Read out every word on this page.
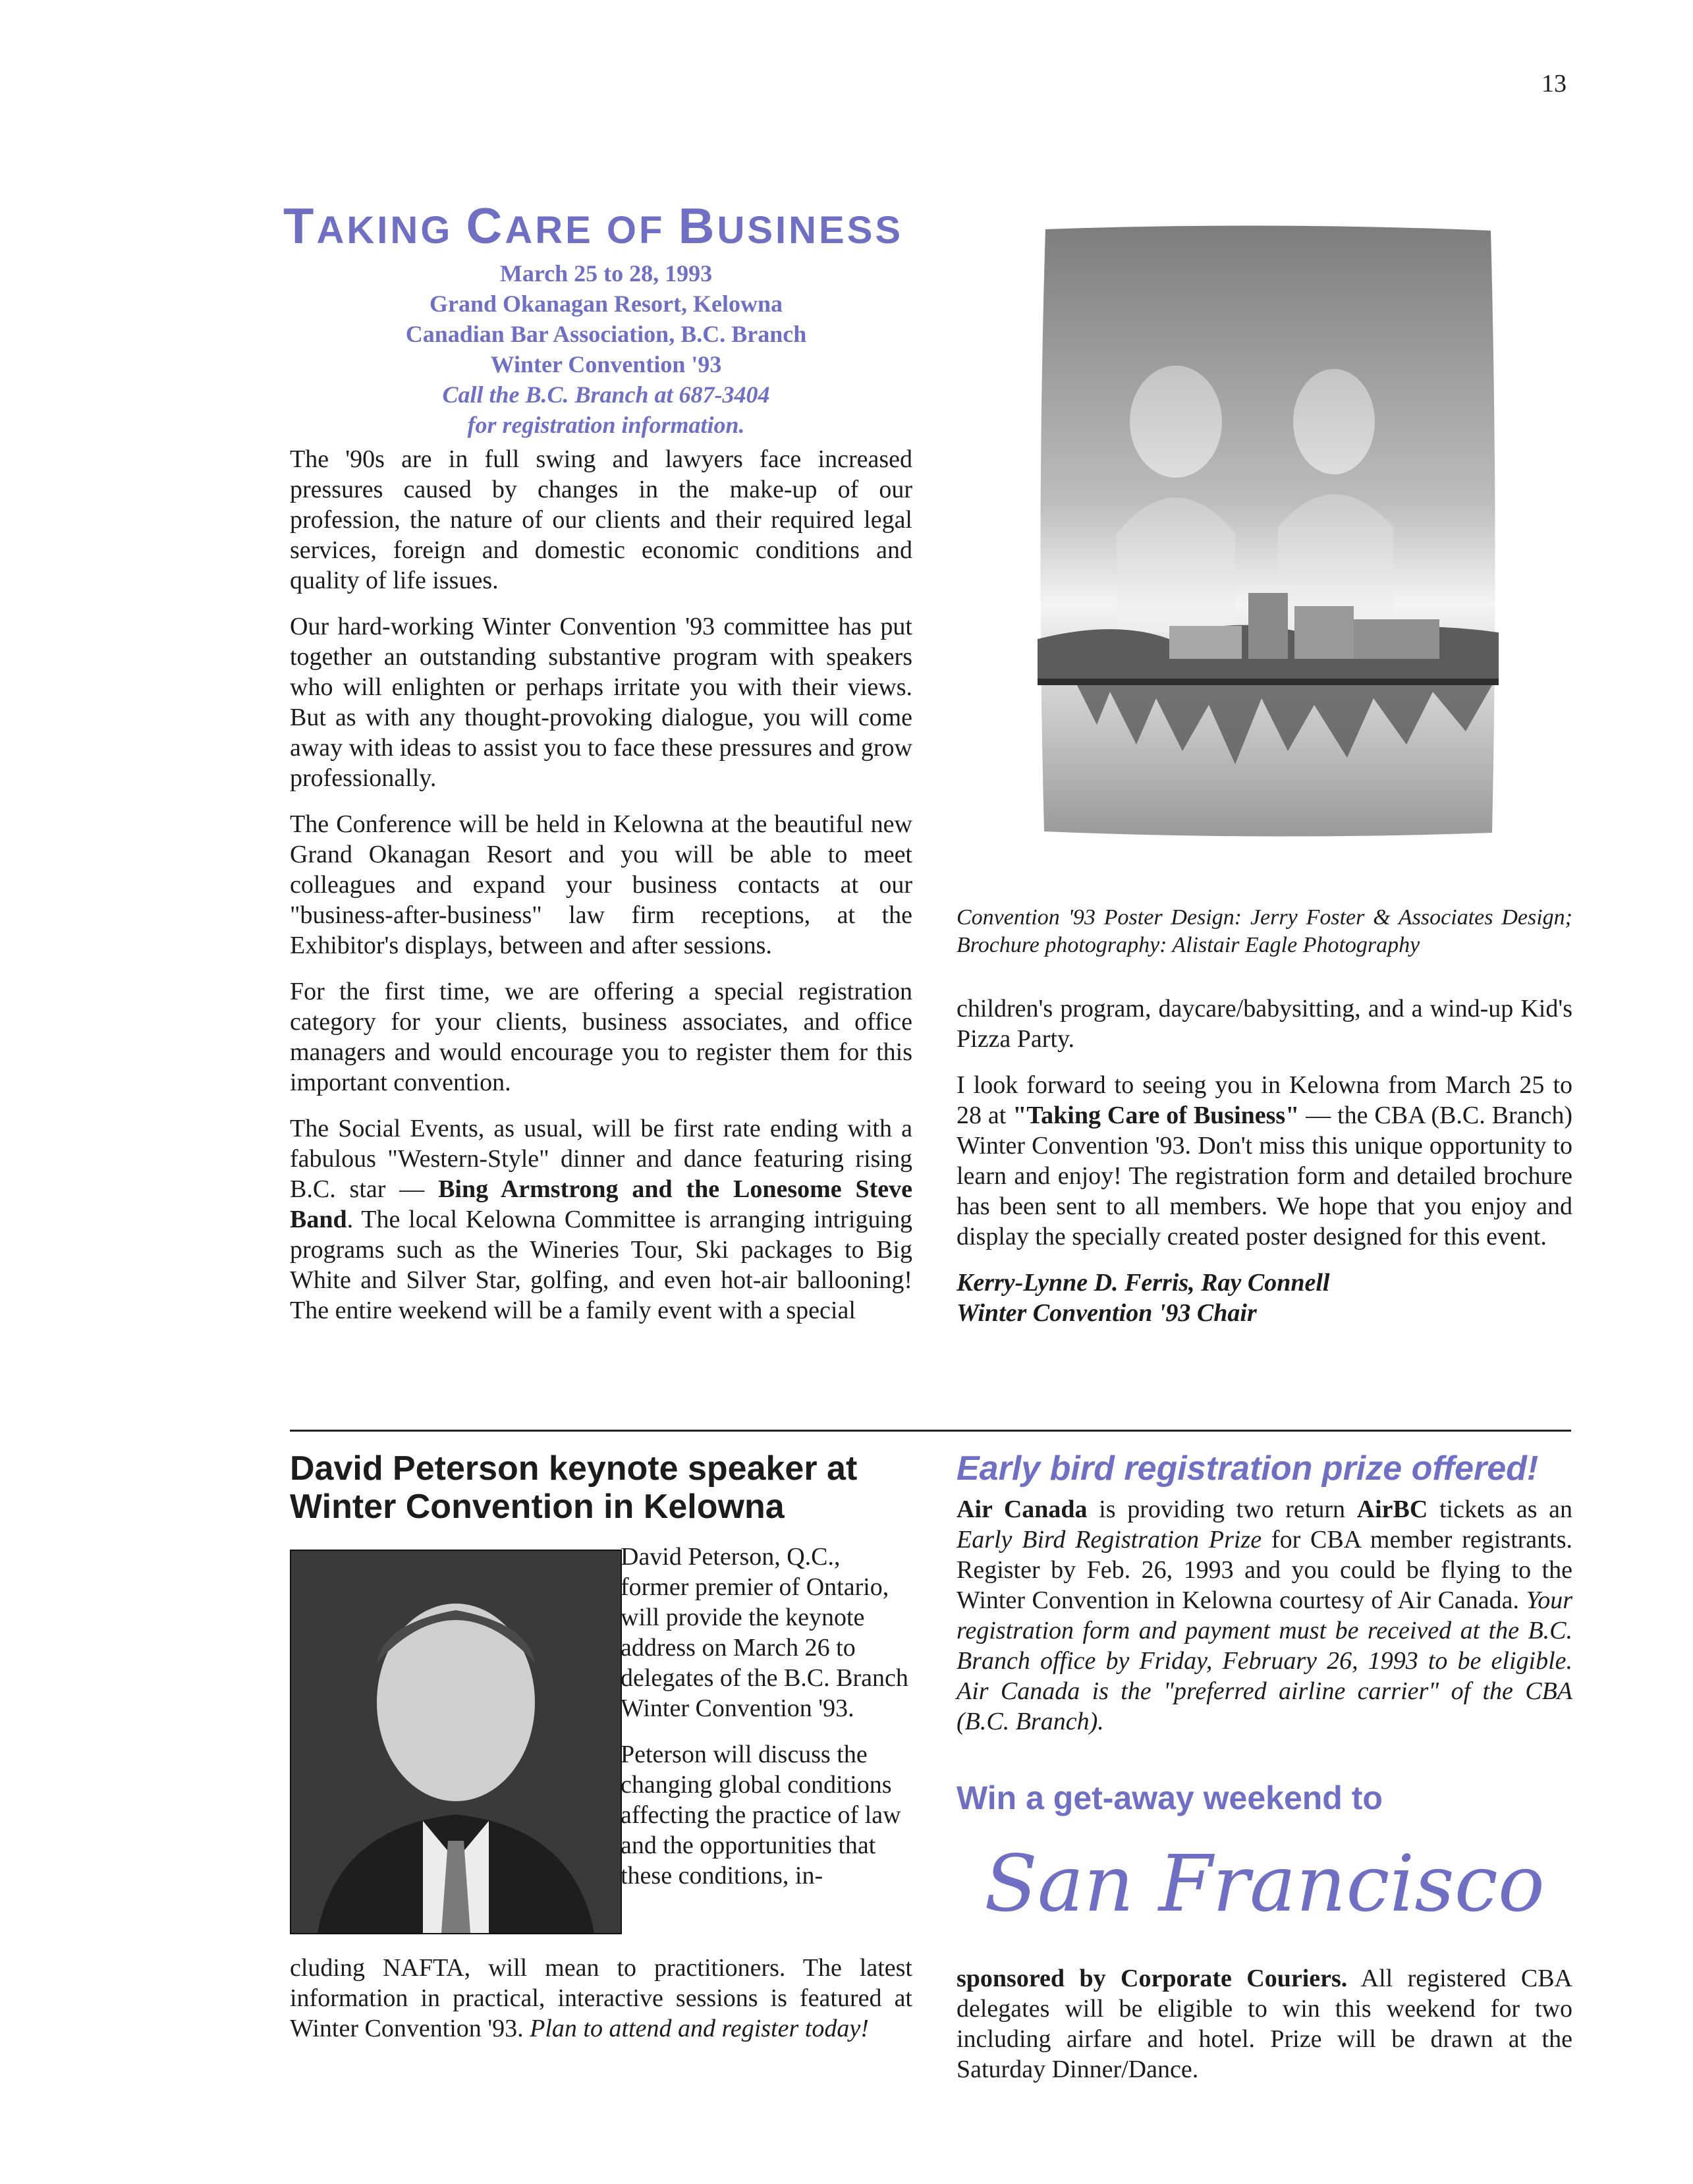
13
TAKING CARE OF BUSINESS
March 25 to 28, 1993
Grand Okanagan Resort, Kelowna
Canadian Bar Association, B.C. Branch
Winter Convention '93
Call the B.C. Branch at 687-3404
for registration information.

The '90s are in full swing and lawyers face increased pressures caused by changes in the make-up of our profession, the nature of our clients and their required legal services, foreign and domestic economic conditions and quality of life issues.

Our hard-working Winter Convention '93 committee has put together an outstanding substantive program with speakers who will enlighten or perhaps irritate you with their views. But as with any thought-provoking dialogue, you will come away with ideas to assist you to face these pressures and grow professionally.

The Conference will be held in Kelowna at the beautiful new Grand Okanagan Resort and you will be able to meet colleagues and expand your business contacts at our "business-after-business" law firm receptions, at the Exhibitor's displays, between and after sessions.

For the first time, we are offering a special registration category for your clients, business associates, and office managers and would encourage you to register them for this important convention.

The Social Events, as usual, will be first rate ending with a fabulous "Western-Style" dinner and dance featuring rising B.C. star — Bing Armstrong and the Lonesome Steve Band. The local Kelowna Committee is arranging intriguing programs such as the Wineries Tour, Ski packages to Big White and Silver Star, golfing, and even hot-air ballooning! The entire weekend will be a family event with a special

Convention '93 Poster Design: Jerry Foster & Associates Design; Brochure photography: Alistair Eagle Photography

children's program, daycare/babysitting, and a wind-up Kid's Pizza Party.

I look forward to seeing you in Kelowna from March 25 to 28 at "Taking Care of Business" — the CBA (B.C. Branch) Winter Convention '93. Don't miss this unique opportunity to learn and enjoy! The registration form and detailed brochure has been sent to all members. We hope that you enjoy and display the specially created poster designed for this event.

Kerry-Lynne D. Ferris, Ray Connell
Winter Convention '93 Chair
David Peterson keynote speaker at Winter Convention in Kelowna

David Peterson, Q.C., former premier of Ontario, will provide the keynote address on March 26 to delegates of the B.C. Branch Winter Convention '93.

Peterson will discuss the changing global conditions affecting the practice of law and the opportunities that these conditions, in-

cluding NAFTA, will mean to practitioners. The latest information in practical, interactive sessions is featured at Winter Convention '93. Plan to attend and register today!
Early bird registration prize offered!
Air Canada is providing two return AirBC tickets as an Early Bird Registration Prize for CBA member registrants. Register by Feb. 26, 1993 and you could be flying to the Winter Convention in Kelowna courtesy of Air Canada. Your registration form and payment must be received at the B.C. Branch office by Friday, February 26, 1993 to be eligible. Air Canada is the "preferred airline carrier" of the CBA (B.C. Branch).
Win a get-away weekend to
San Francisco
sponsored by Corporate Couriers. All registered CBA delegates will be eligible to win this weekend for two including airfare and hotel. Prize will be drawn at the Saturday Dinner/Dance.
